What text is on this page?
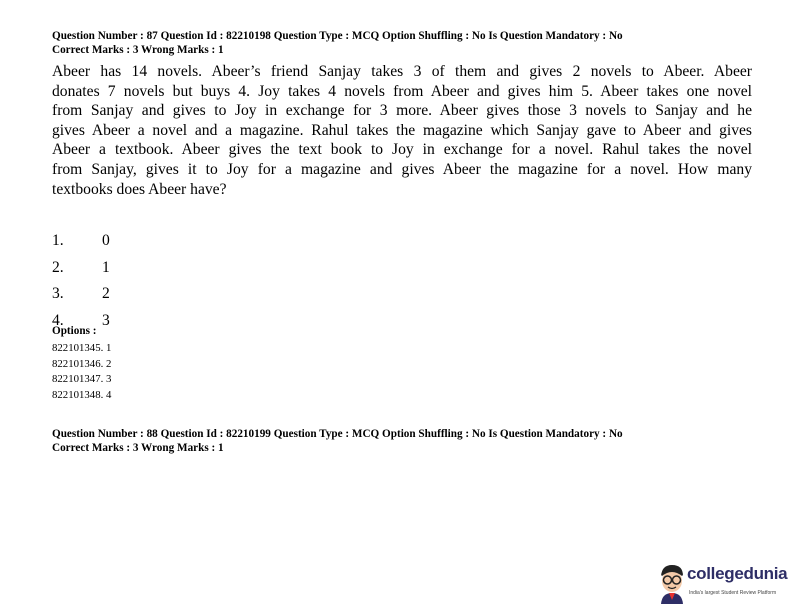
Question Number : 87 Question Id : 82210198 Question Type : MCQ Option Shuffling : No Is Question Mandatory : No
Correct Marks : 3 Wrong Marks : 1
Abeer has 14 novels. Abeer’s friend Sanjay takes 3 of them and gives 2 novels to Abeer. Abeer
donates 7 novels but buys 4. Joy takes 4 novels from Abeer and gives him 5. Abeer takes one novel
from Sanjay and gives to Joy in exchange for 3 more. Abeer gives those 3 novels to Sanjay and he
gives Abeer a novel and a magazine. Rahul takes the magazine which Sanjay gave to Abeer and gives
Abeer a textbook. Abeer gives the text book to Joy in exchange for a novel. Rahul takes the novel
from Sanjay, gives it to Joy for a magazine and gives Abeer the magazine for a novel. How many
textbooks does Abeer have?
1. 0
2. 1
3. 2
4. 3
Options :
822101345. 1
822101346. 2
822101347. 3
822101348. 4
Question Number : 88 Question Id : 82210199 Question Type : MCQ Option Shuffling : No Is Question Mandatory : No
Correct Marks : 3 Wrong Marks : 1
collegedunia
India's largest Student Review Platform
